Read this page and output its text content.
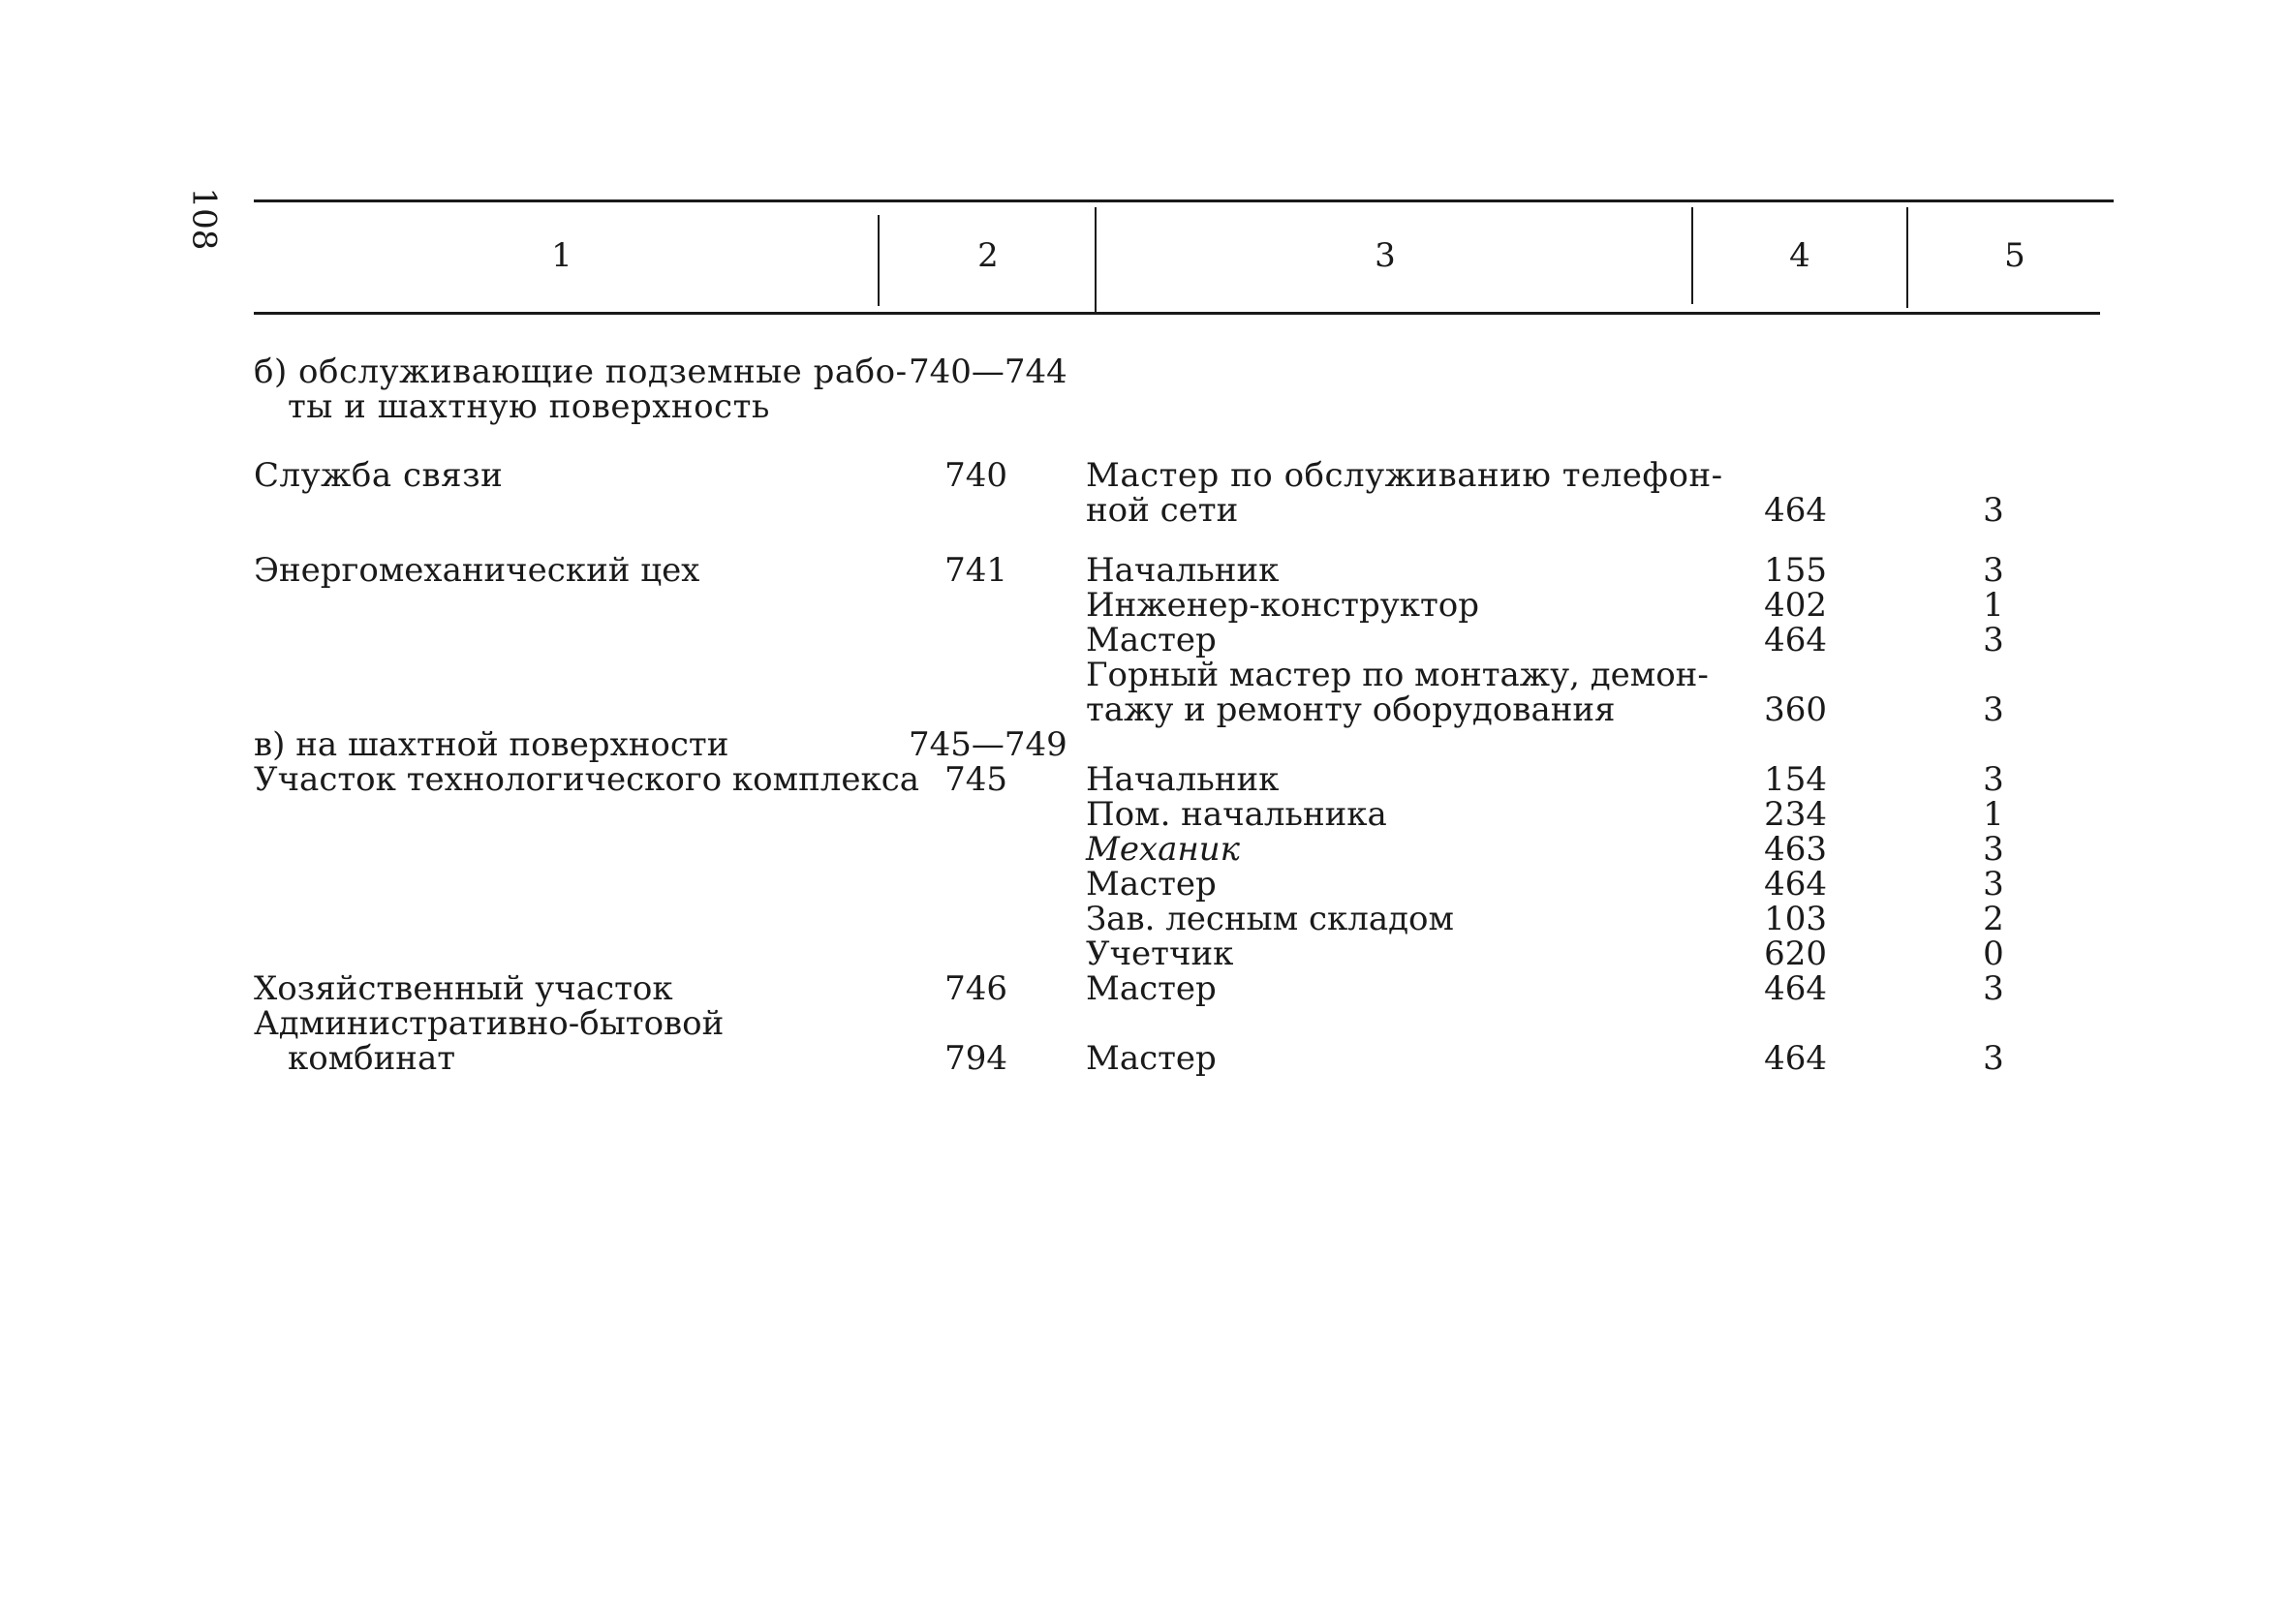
108
1	2	3	4	5
б) обслуживающие подземные рабо-
ты и шахтную поверхность
740—744
Служба связи	740 Мастер по обслуживанию телефон-
ной сети	464	3
Энергомеханический цех	741 Начальник	155	3
Инженер-конструктор	402	1
Мастер	464	3
Горный мастер по монтажу, демон-
тажу и ремонту оборудования	360	3
в) на шахтной поверхности	745—749
Участок технологического комплекса 745 Начальник	154	3
Пом. начальника	234	1
Механик	463	3
Мастер	464	3
Зав. лесным складом	103	2
Учетчик	620	0
Хозяйственный участок	746 Мастер	464	3
Административно-бытовой
комбинат	794 Мастер	464	3
